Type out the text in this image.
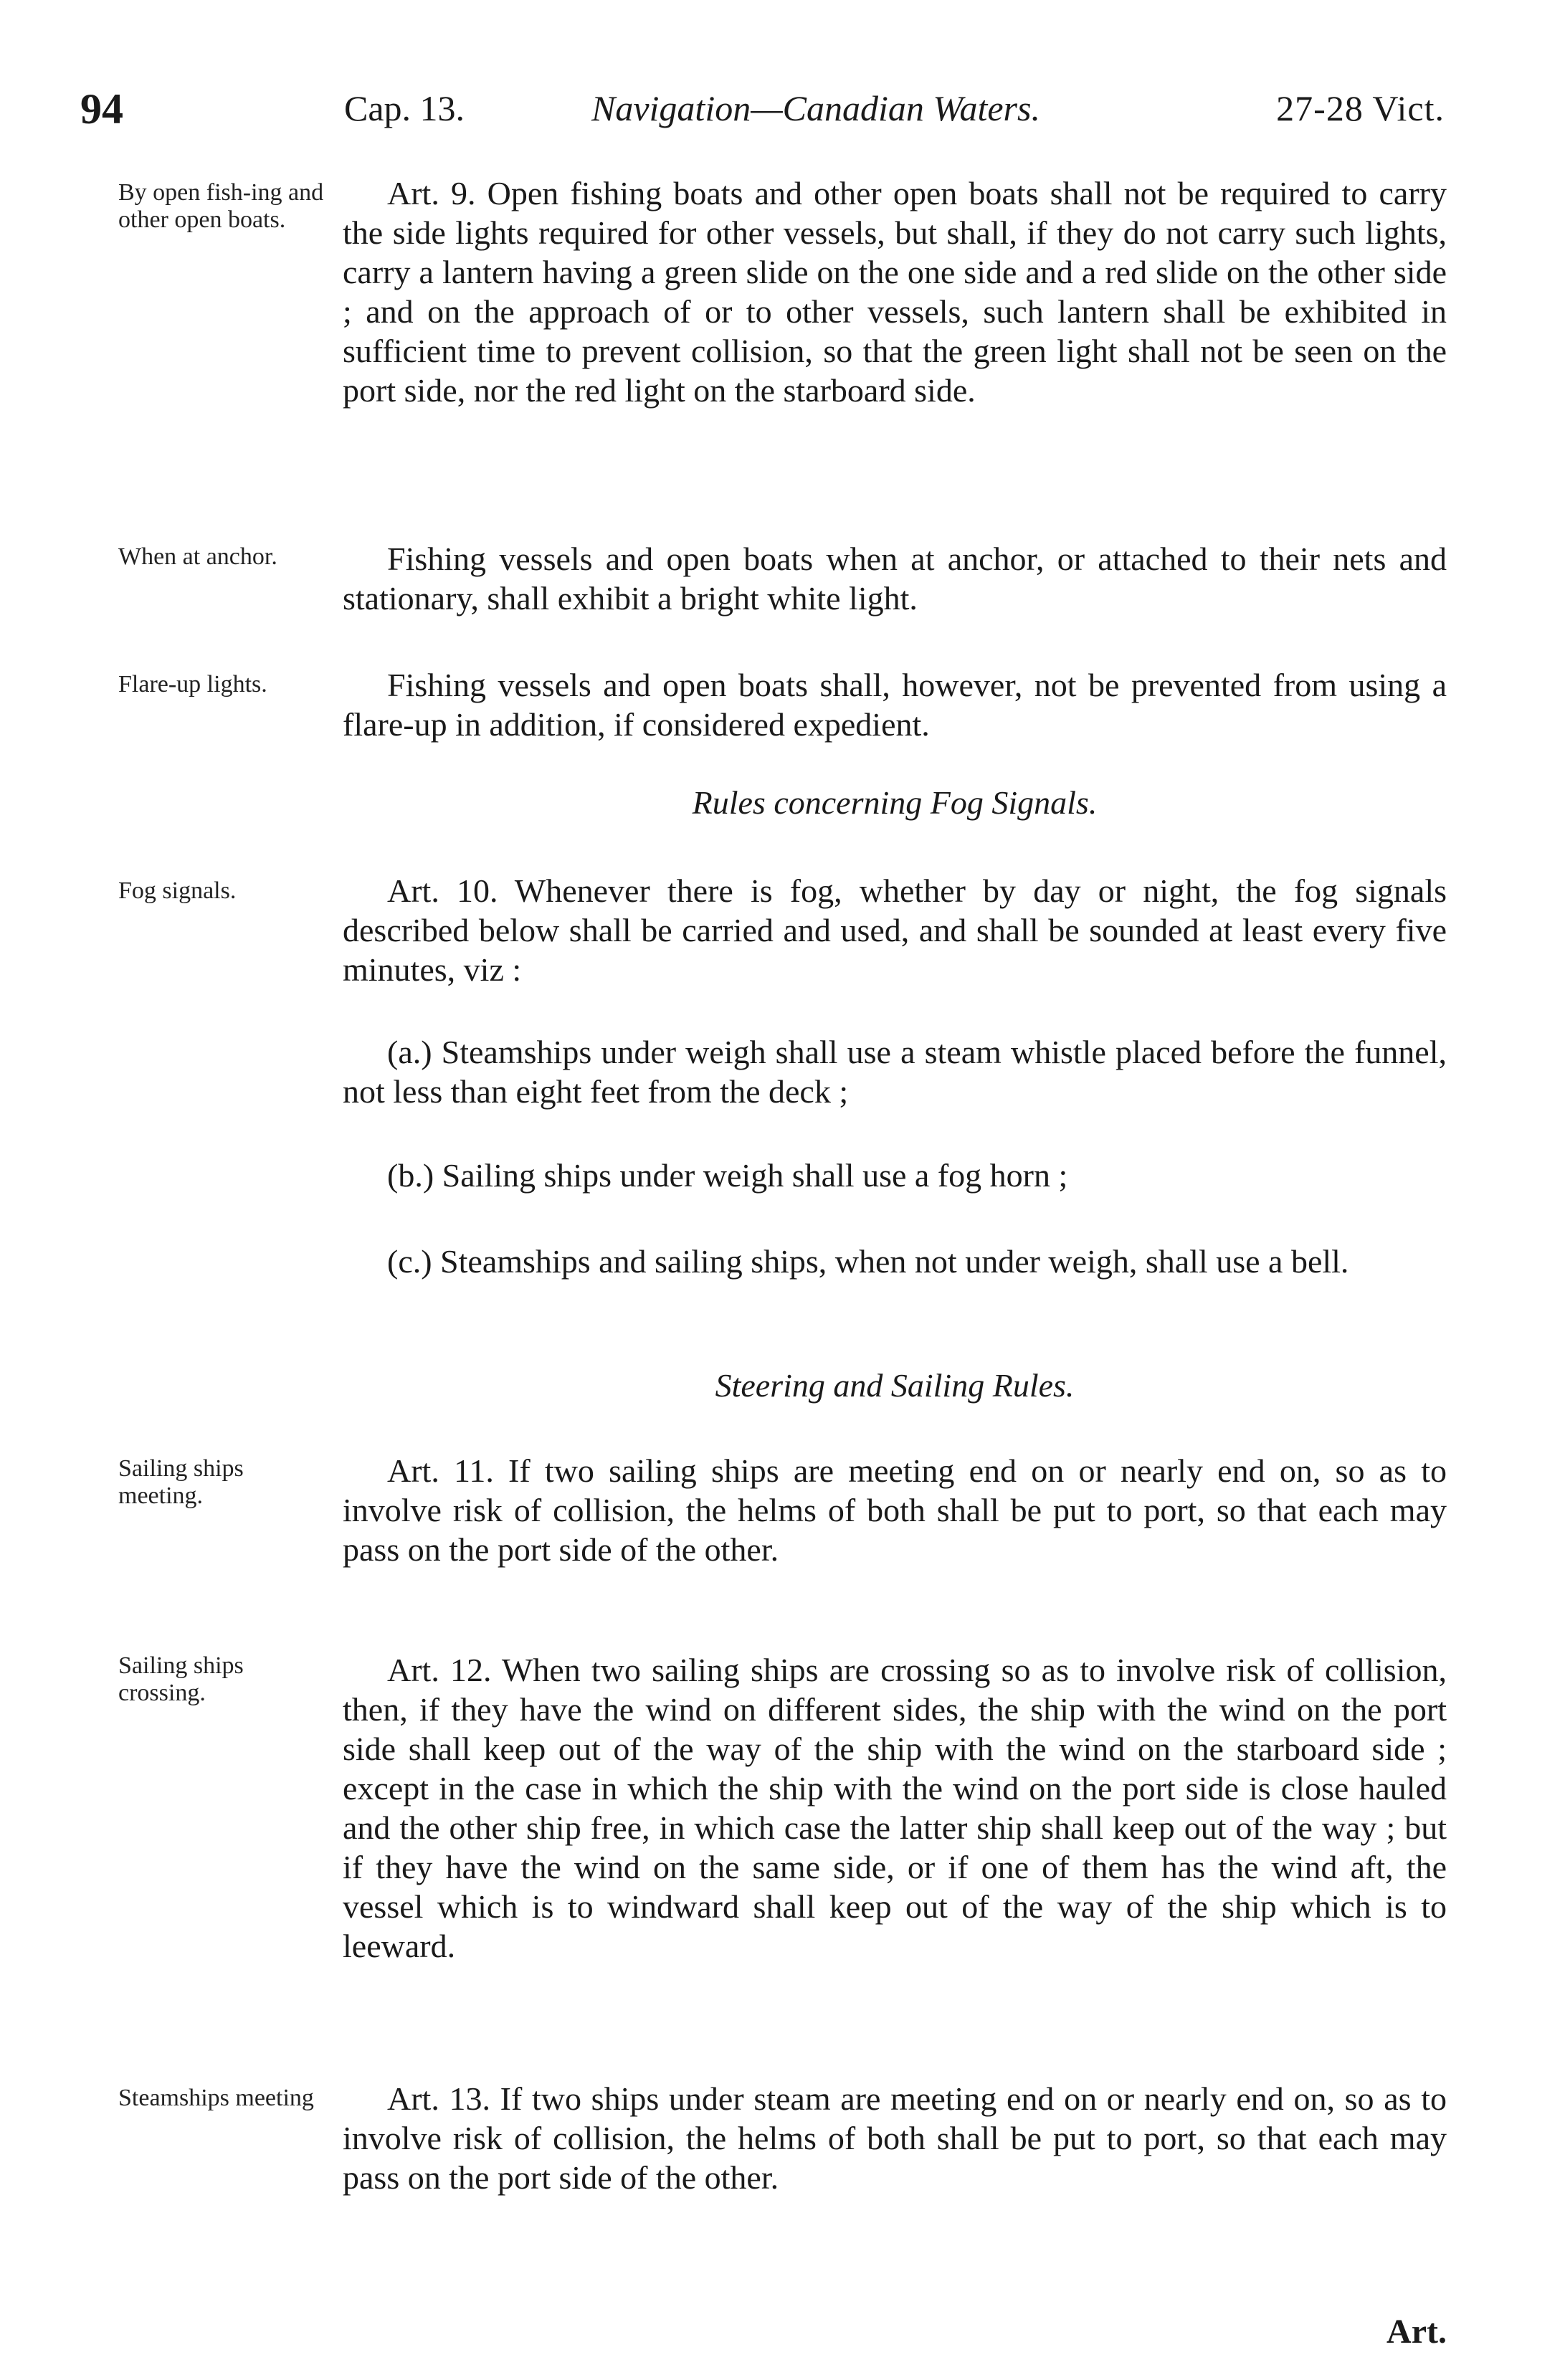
94	Cap. 13.	Navigation—Canadian Waters.	27-28 Vict.
By open fish-ing and other open boats.
When at anchor.
Flare-up lights.
Fog signals.
Sailing ships meeting.
Sailing ships crossing.
Steamships meeting

Art. 9. Open fishing boats and other open boats shall not be required to carry the side lights required for other vessels, but shall, if they do not carry such lights, carry a lantern having a green slide on the one side and a red slide on the other side ; and on the approach of or to other vessels, such lantern shall be exhibited in sufficient time to prevent collision, so that the green light shall not be seen on the port side, nor the red light on the starboard side.

Fishing vessels and open boats when at anchor, or attached to their nets and stationary, shall exhibit a bright white light.

Fishing vessels and open boats shall, however, not be prevented from using a flare-up in addition, if considered expedient.

Rules concerning Fog Signals.

Art. 10. Whenever there is fog, whether by day or night, the fog signals described below shall be carried and used, and shall be sounded at least every five minutes, viz :

(a.) Steamships under weigh shall use a steam whistle placed before the funnel, not less than eight feet from the deck ;

(b.) Sailing ships under weigh shall use a fog horn ;

(c.) Steamships and sailing ships, when not under weigh, shall use a bell.

Steering and Sailing Rules.

Art. 11. If two sailing ships are meeting end on or nearly end on, so as to involve risk of collision, the helms of both shall be put to port, so that each may pass on the port side of the other.

Art. 12. When two sailing ships are crossing so as to involve risk of collision, then, if they have the wind on different sides, the ship with the wind on the port side shall keep out of the way of the ship with the wind on the starboard side ; except in the case in which the ship with the wind on the port side is close hauled and the other ship free, in which case the latter ship shall keep out of the way ; but if they have the wind on the same side, or if one of them has the wind aft, the vessel which is to windward shall keep out of the way of the ship which is to leeward.

Art. 13. If two ships under steam are meeting end on or nearly end on, so as to involve risk of collision, the helms of both shall be put to port, so that each may pass on the port side of the other.

Art.
